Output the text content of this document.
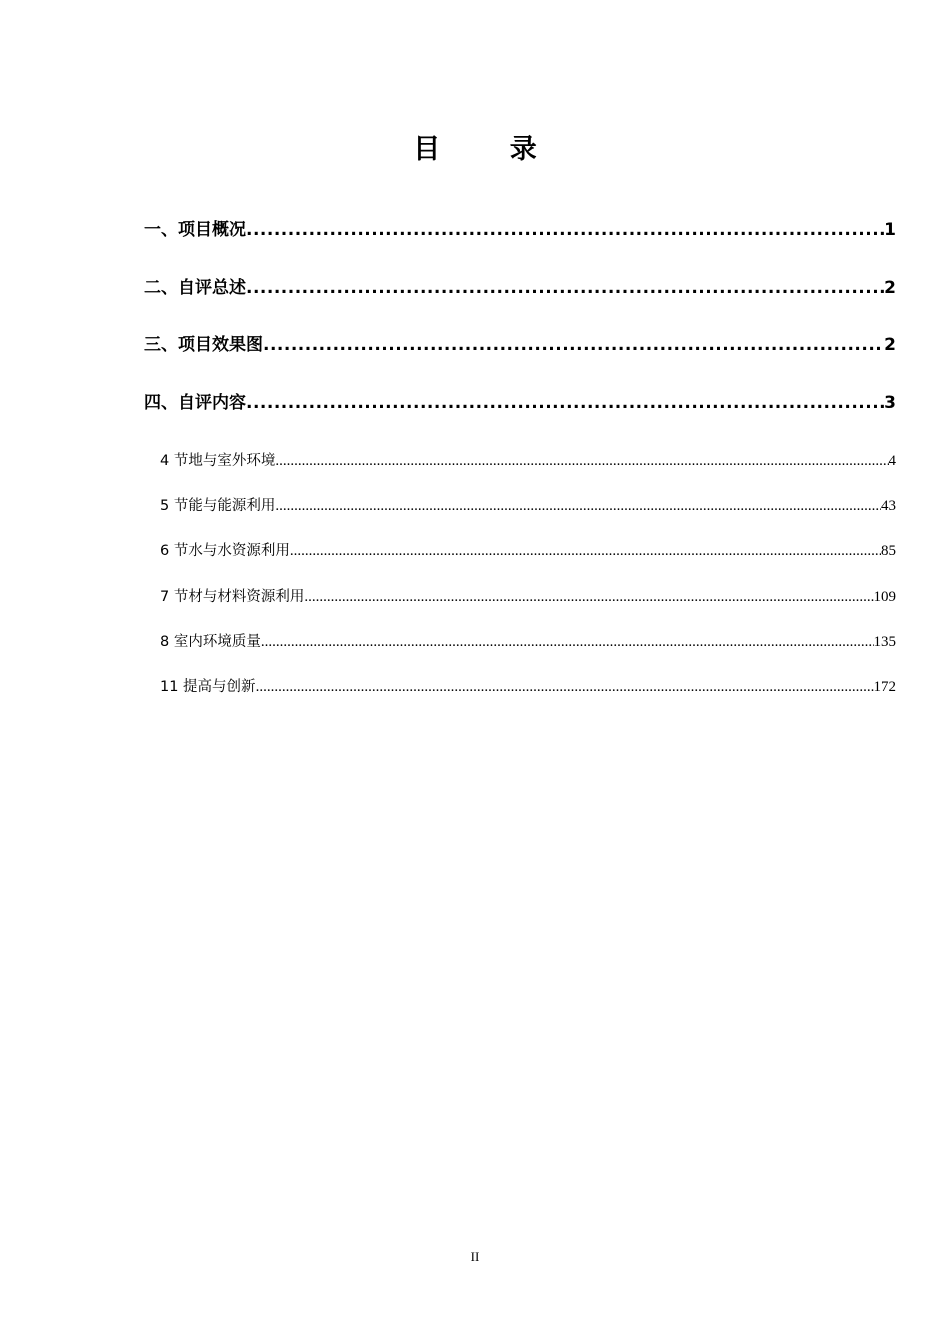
目 录
一、项目概况 .....	1
二、自评总述 .....	2
三、项目效果图 .....	2
四、自评内容 .....	3
4 节地与室外环境 .....	4
5 节能与能源利用 .....	43
6 节水与水资源利用 .....	85
7 节材与材料资源利用 .....	109
8 室内环境质量 .....	135
11 提高与创新 .....	172
II
